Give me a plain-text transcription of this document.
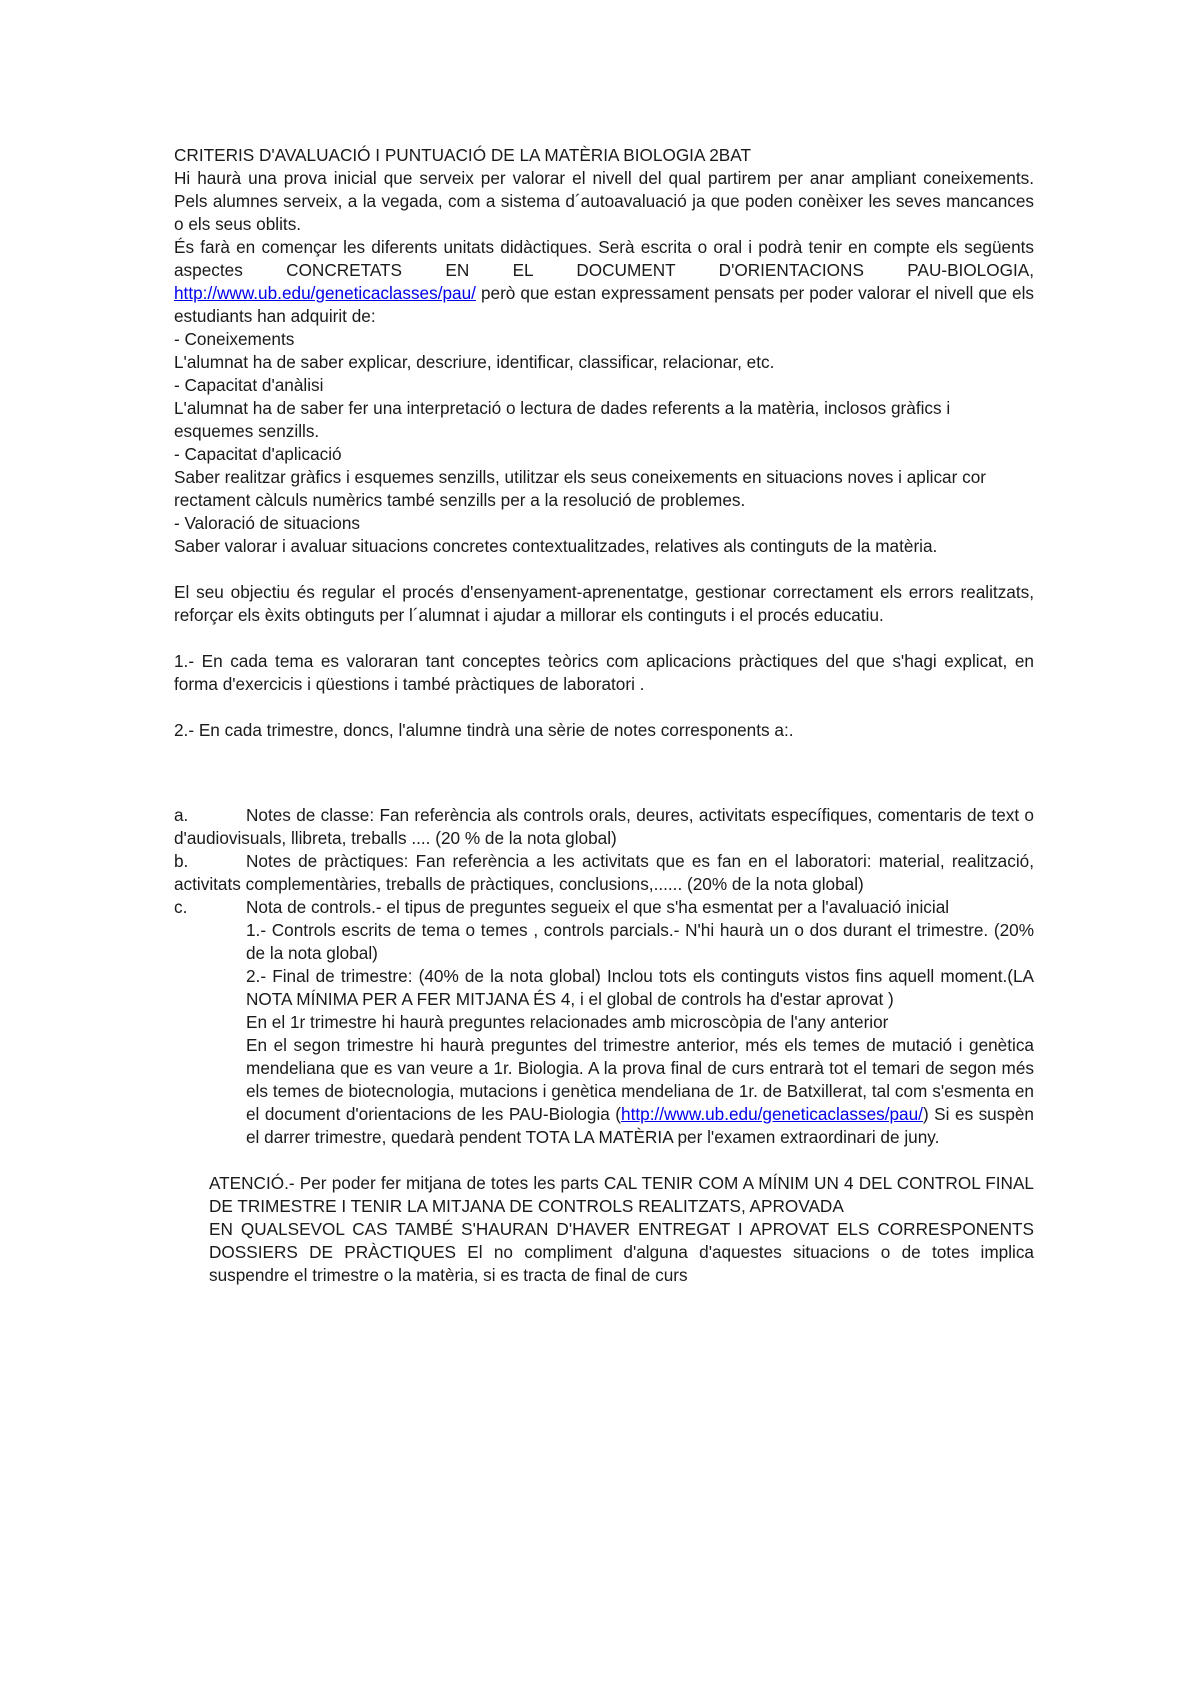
CRITERIS D'AVALUACIÓ I PUNTUACIÓ DE LA MATÈRIA BIOLOGIA 2BAT

Hi haurà una prova inicial que serveix per valorar el nivell del qual partirem per anar ampliant coneixements. Pels alumnes serveix, a la vegada, com a sistema d´autoavaluació ja que poden conèixer les seves mancances o els seus oblits.

És farà en començar les diferents unitats didàctiques. Serà escrita o oral i podrà tenir en compte els següents aspectes CONCRETATS EN EL DOCUMENT D'ORIENTACIONS PAU-BIOLOGIA, http://www.ub.edu/geneticaclasses/pau/ però que estan expressament pensats per poder valorar el nivell que els estudiants han adquirit de:

- Coneixements

L'alumnat ha de saber explicar, descriure, identificar, classificar, relacionar, etc.

- Capacitat d'anàlisi

L'alumnat ha de saber fer una interpretació o lectura de dades referents a la matèria, inclosos gràfics i esquemes senzills.

- Capacitat d'aplicació

Saber realitzar gràfics i esquemes senzills, utilitzar els seus coneixements en situacions noves i aplicar cor

rectament càlculs numèrics també senzills per a la resolució de problemes.

- Valoració de situacions

Saber valorar i avaluar situacions concretes contextualitzades, relatives als continguts de la matèria.

El seu objectiu és regular el procés d'ensenyament-aprenentatge, gestionar correctament els errors realitzats, reforçar els èxits obtinguts per l´alumnat i ajudar a millorar els continguts i el procés educatiu.

1.- En cada tema es valoraran tant conceptes teòrics com aplicacions pràctiques del que s'hagi explicat, en forma d'exercicis i qüestions i també pràctiques de laboratori .

2.- En cada trimestre, doncs, l'alumne tindrà una sèrie de notes corresponents a:.

a.	Notes de classe: Fan referència als controls orals, deures, activitats específiques, comentaris de text o d'audiovisuals, llibreta, treballs .... (20 % de la nota global)
b.	Notes de pràctiques: Fan referència a les activitats que es fan en el laboratori: material, realització, activitats complementàries, treballs de pràctiques, conclusions,...... (20% de la nota global)
c.	Nota de controls.- el tipus de preguntes segueix el que s'ha esmentat per a l'avaluació inicial

1.- Controls escrits de tema o temes , controls parcials.- N'hi haurà un o dos durant el trimestre. (20% de la nota global)

2.- Final de trimestre: (40% de la nota global) Inclou tots els continguts vistos fins aquell moment.(LA NOTA MÍNIMA PER A FER MITJANA ÉS 4, i el global de controls ha d'estar aprovat )

En el 1r trimestre hi haurà preguntes relacionades amb microscòpia de l'any anterior

En el segon trimestre hi haurà preguntes del trimestre anterior, més els temes de mutació i genètica mendeliana que es van veure a 1r. Biologia. A la prova final de curs entrarà tot el temari de segon més els temes de biotecnologia, mutacions i genètica mendeliana de 1r. de Batxillerat, tal com s'esmenta en el document d'orientacions de les PAU-Biologia (http://www.ub.edu/geneticaclasses/pau/) Si es suspèn el darrer trimestre, quedarà pendent TOTA LA MATÈRIA per l'examen extraordinari de juny.

ATENCIÓ.- Per poder fer mitjana de totes les parts CAL TENIR COM A MÍNIM UN 4 DEL CONTROL FINAL DE TRIMESTRE I TENIR LA MITJANA DE CONTROLS REALITZATS, APROVADA

EN QUALSEVOL CAS TAMBÉ S'HAURAN D'HAVER ENTREGAT I APROVAT ELS CORRESPONENTS DOSSIERS DE PRÀCTIQUES El no compliment d'alguna d'aquestes situacions o de totes implica suspendre el trimestre o la matèria, si es tracta de final de curs
